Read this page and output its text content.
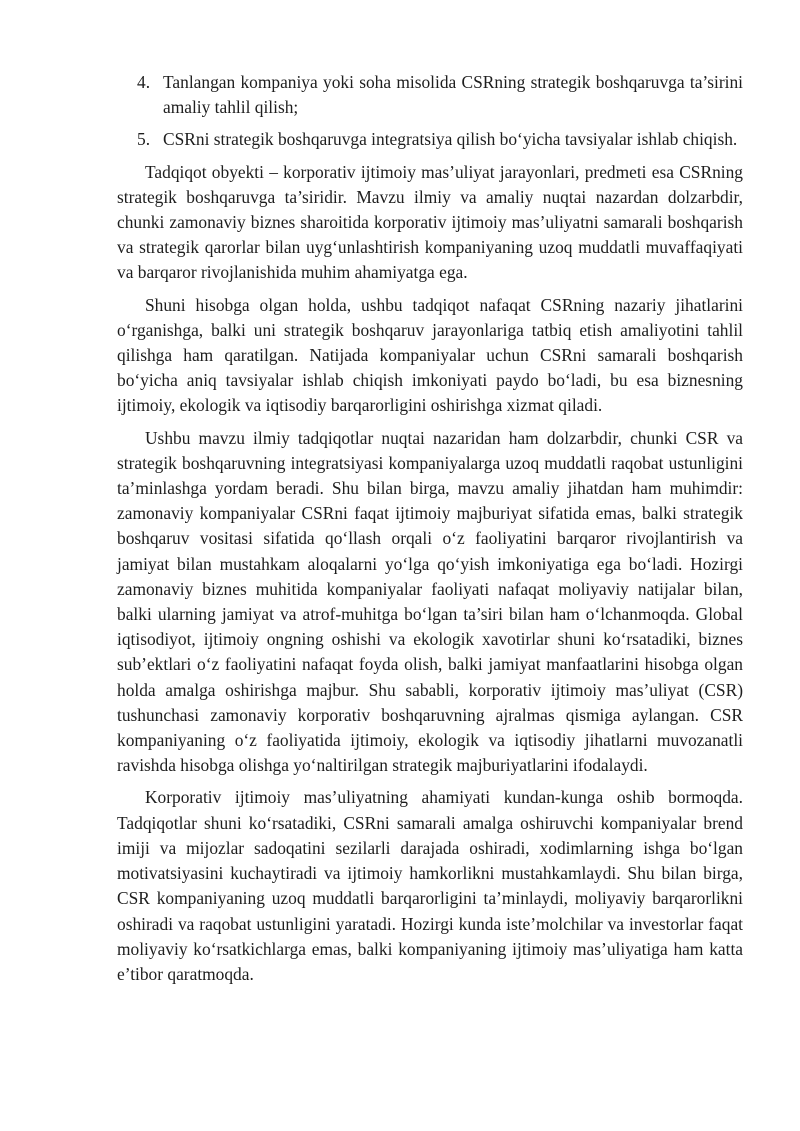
4. Tanlangan kompaniya yoki soha misolida CSRning strategik boshqaruvga ta’sirini amaliy tahlil qilish;
5. CSRni strategik boshqaruvga integratsiya qilish bo‘yicha tavsiyalar ishlab chiqish.

Tadqiqot obyekti – korporativ ijtimoiy mas’uliyat jarayonlari, predmeti esa CSRning strategik boshqaruvga ta’siridir. Mavzu ilmiy va amaliy nuqtai nazardan dolzarbdir, chunki zamonaviy biznes sharoitida korporativ ijtimoiy mas’uliyatni samarali boshqarish va strategik qarorlar bilan uyg‘unlashtirish kompaniyaning uzoq muddatli muvaffaqiyati va barqaror rivojlanishida muhim ahamiyatga ega.

Shuni hisobga olgan holda, ushbu tadqiqot nafaqat CSRning nazariy jihatlarini o‘rganishga, balki uni strategik boshqaruv jarayonlariga tatbiq etish amaliyotini tahlil qilishga ham qaratilgan. Natijada kompaniyalar uchun CSRni samarali boshqarish bo‘yicha aniq tavsiyalar ishlab chiqish imkoniyati paydo bo‘ladi, bu esa biznesning ijtimoiy, ekologik va iqtisodiy barqarorligini oshirishga xizmat qiladi.

Ushbu mavzu ilmiy tadqiqotlar nuqtai nazaridan ham dolzarbdir, chunki CSR va strategik boshqaruvning integratsiyasi kompaniyalarga uzoq muddatli raqobat ustunligini ta’minlashga yordam beradi. Shu bilan birga, mavzu amaliy jihatdan ham muhimdir: zamonaviy kompaniyalar CSRni faqat ijtimoiy majburiyat sifatida emas, balki strategik boshqaruv vositasi sifatida qo‘llash orqali o‘z faoliyatini barqaror rivojlantirish va jamiyat bilan mustahkam aloqalarni yo‘lga qo‘yish imkoniyatiga ega bo‘ladi. Hozirgi zamonaviy biznes muhitida kompaniyalar faoliyati nafaqat moliyaviy natijalar bilan, balki ularning jamiyat va atrof-muhitga bo‘lgan ta’siri bilan ham o‘lchanmoqda. Global iqtisodiyot, ijtimoiy ongning oshishi va ekologik xavotirlar shuni ko‘rsatadiki, biznes sub’ektlari o‘z faoliyatini nafaqat foyda olish, balki jamiyat manfaatlarini hisobga olgan holda amalga oshirishga majbur. Shu sababli, korporativ ijtimoiy mas’uliyat (CSR) tushunchasi zamonaviy korporativ boshqaruvning ajralmas qismiga aylangan. CSR kompaniyaning o‘z faoliyatida ijtimoiy, ekologik va iqtisodiy jihatlarni muvozanatli ravishda hisobga olishga yo‘naltirilgan strategik majburiyatlarini ifodalaydi.

Korporativ ijtimoiy mas’uliyatning ahamiyati kundan-kunga oshib bormoqda. Tadqiqotlar shuni ko‘rsatadiki, CSRni samarali amalga oshiruvchi kompaniyalar brend imiji va mijozlar sadoqatini sezilarli darajada oshiradi, xodimlarning ishga bo‘lgan motivatsiyasini kuchaytiradi va ijtimoiy hamkorlikni mustahkamlaydi. Shu bilan birga, CSR kompaniyaning uzoq muddatli barqarorligini ta’minlaydi, moliyaviy barqarorlikni oshiradi va raqobat ustunligini yaratadi. Hozirgi kunda iste’molchilar va investorlar faqat moliyaviy ko‘rsatkichlarga emas, balki kompaniyaning ijtimoiy mas’uliyatiga ham katta e’tibor qaratmoqda.
